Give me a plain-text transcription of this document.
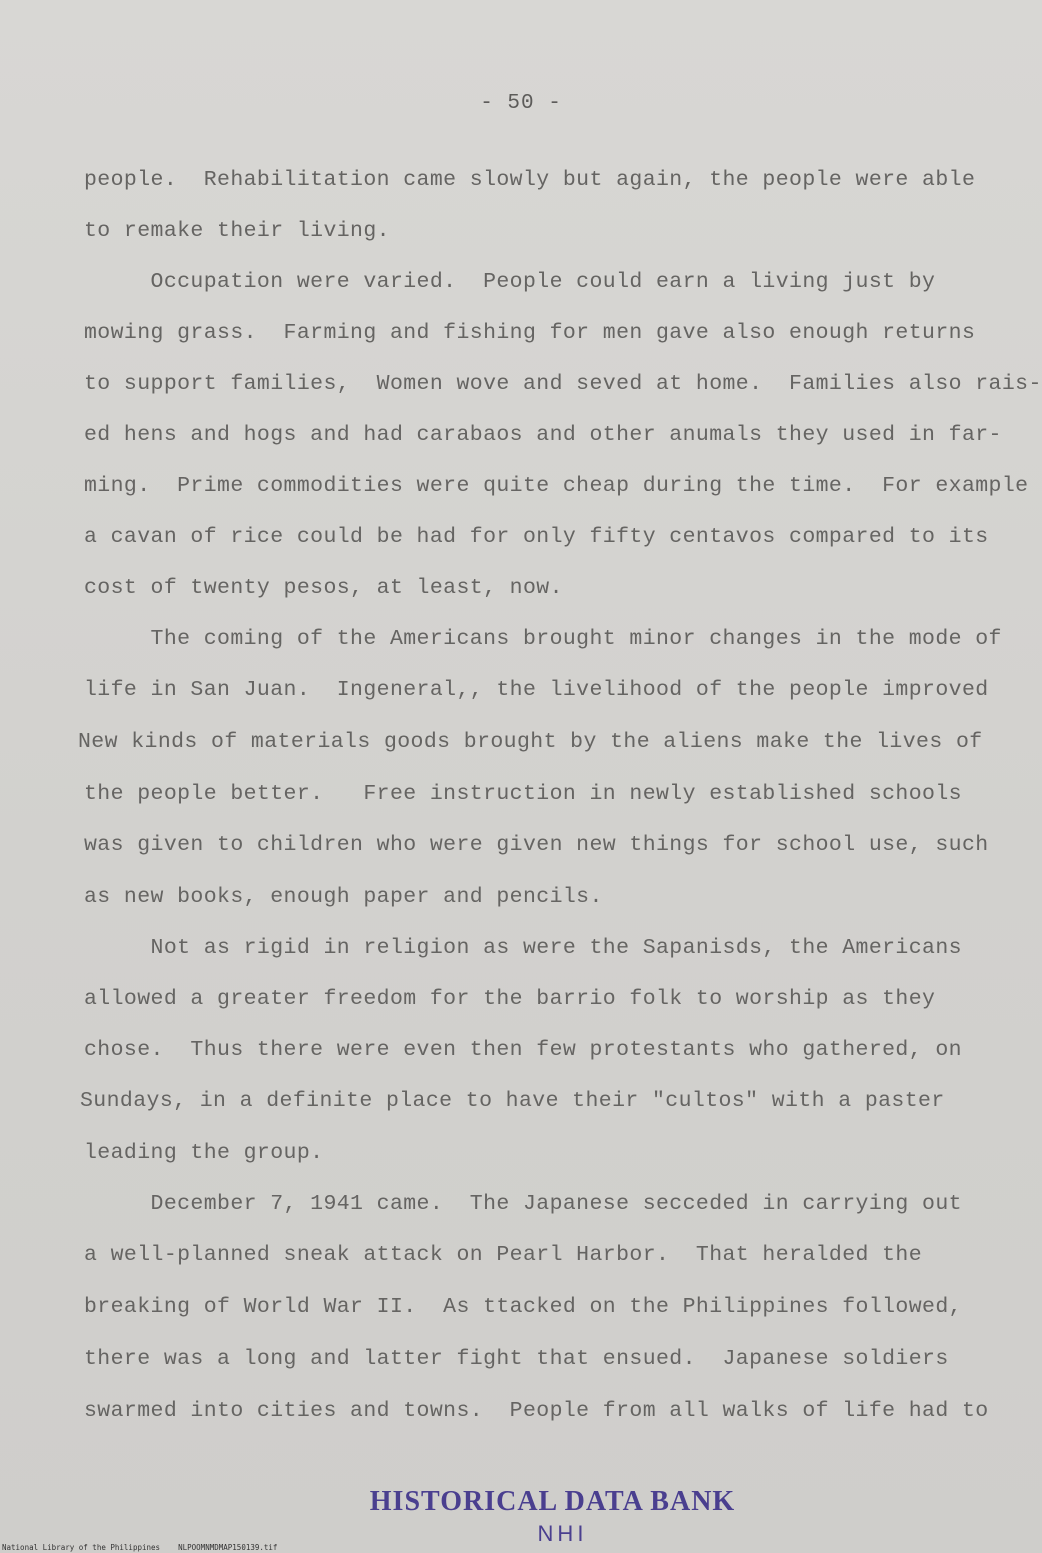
- 50 -
people.  Rehabilitation came slowly but again, the people were able
to remake their living.
Occupation were varied.  People could earn a living just by
mowing grass.  Farming and fishing for men gave also enough returns
to support families,  Women wove and seved at home.  Families also rais-
ed hens and hogs and had carabaos and other anumals they used in far-
ming.  Prime commodities were quite cheap during the time.  For example
a cavan of rice could be had for only fifty centavos compared to its
cost of twenty pesos, at least, now.
The coming of the Americans brought minor changes in the mode of
life in San Juan.  Ingeneral,, the livelihood of the people improved
New kinds of materials goods brought by the aliens make the lives of
the people better.   Free instruction in newly established schools
was given to children who were given new things for school use, such
as new books, enough paper and pencils.
Not as rigid in religion as were the Sapanisds, the Americans
allowed a greater freedom for the barrio folk to worship as they
chose.  Thus there were even then few protestants who gathered, on
Sundays, in a definite place to have their "cultos" with a paster
leading the group.
December 7, 1941 came.  The Japanese secceded in carrying out
a well-planned sneak attack on Pearl Harbor.  That heralded the
breaking of World War II.  As ttacked on the Philippines followed,
there was a long and latter fight that ensued.  Japanese soldiers
swarmed into cities and towns.  People from all walks of life had to
HISTORICAL DATA BANK
NHI
National Library of the Philippines    NLPOOMNMDMAP150139.tif
